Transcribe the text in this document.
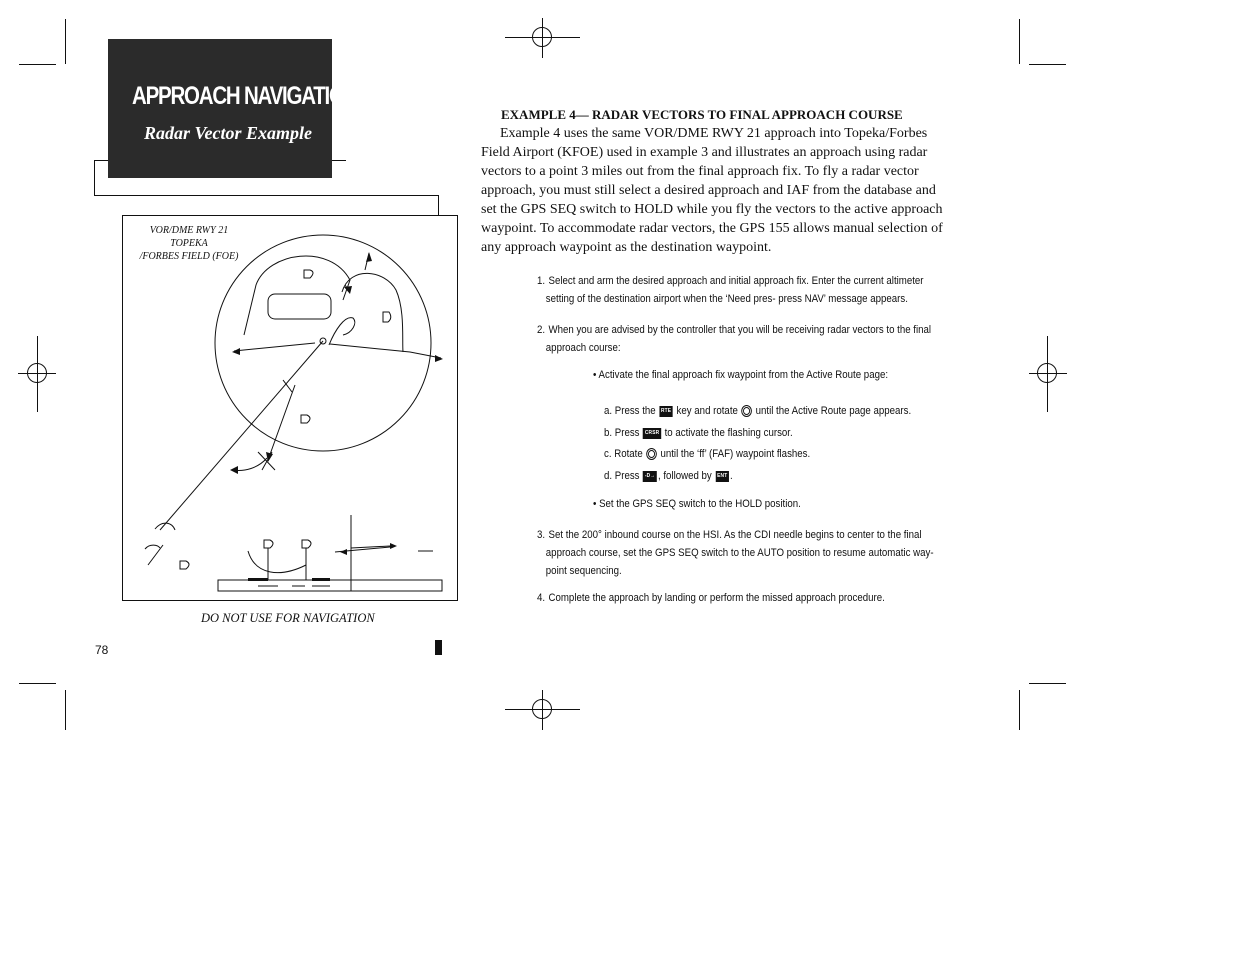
APPROACH NAVIGATION
Radar Vector Example
VOR/DME RWY 21
TOPEKA
/FORBES FIELD (FOE)
DO NOT USE FOR NAVIGATION
78
EXAMPLE 4— RADAR VECTORS TO FINAL APPROACH COURSE
Example 4 uses the same VOR/DME RWY 21 approach into Topeka/Forbes Field Airport (KFOE) used in example 3 and illustrates an approach using radar vectors to a point 3 miles out from the final approach fix. To fly a radar vector approach, you must still select a desired approach and IAF from the database and set the GPS SEQ switch to HOLD while you fly the vectors to the active approach waypoint. To accommodate radar vectors, the GPS 155 allows manual selection of any approach waypoint as the destination waypoint.
1. Select and arm the desired approach and initial approach fix. Enter the current altimeter
setting of the destination airport when the ‘Need pres- press NAV’ message appears.
2. When you are advised by the controller that you will be receiving radar vectors to the final
approach course:
• Activate the final approach fix waypoint from the Active Route page:
a. Press the RTE key and rotate until the Active Route page appears.
b. Press CRSR to activate the flashing cursor.
c. Rotate until the ‘ff’ (FAF) waypoint flashes.
d. Press -D→ , followed by ENT .
• Set the GPS SEQ switch to the HOLD position.
3. Set the 200° inbound course on the HSI. As the CDI needle begins to center to the final
approach course, set the GPS SEQ switch to the AUTO position to resume automatic way-
point sequencing.
4. Complete the approach by landing or perform the missed approach procedure.
